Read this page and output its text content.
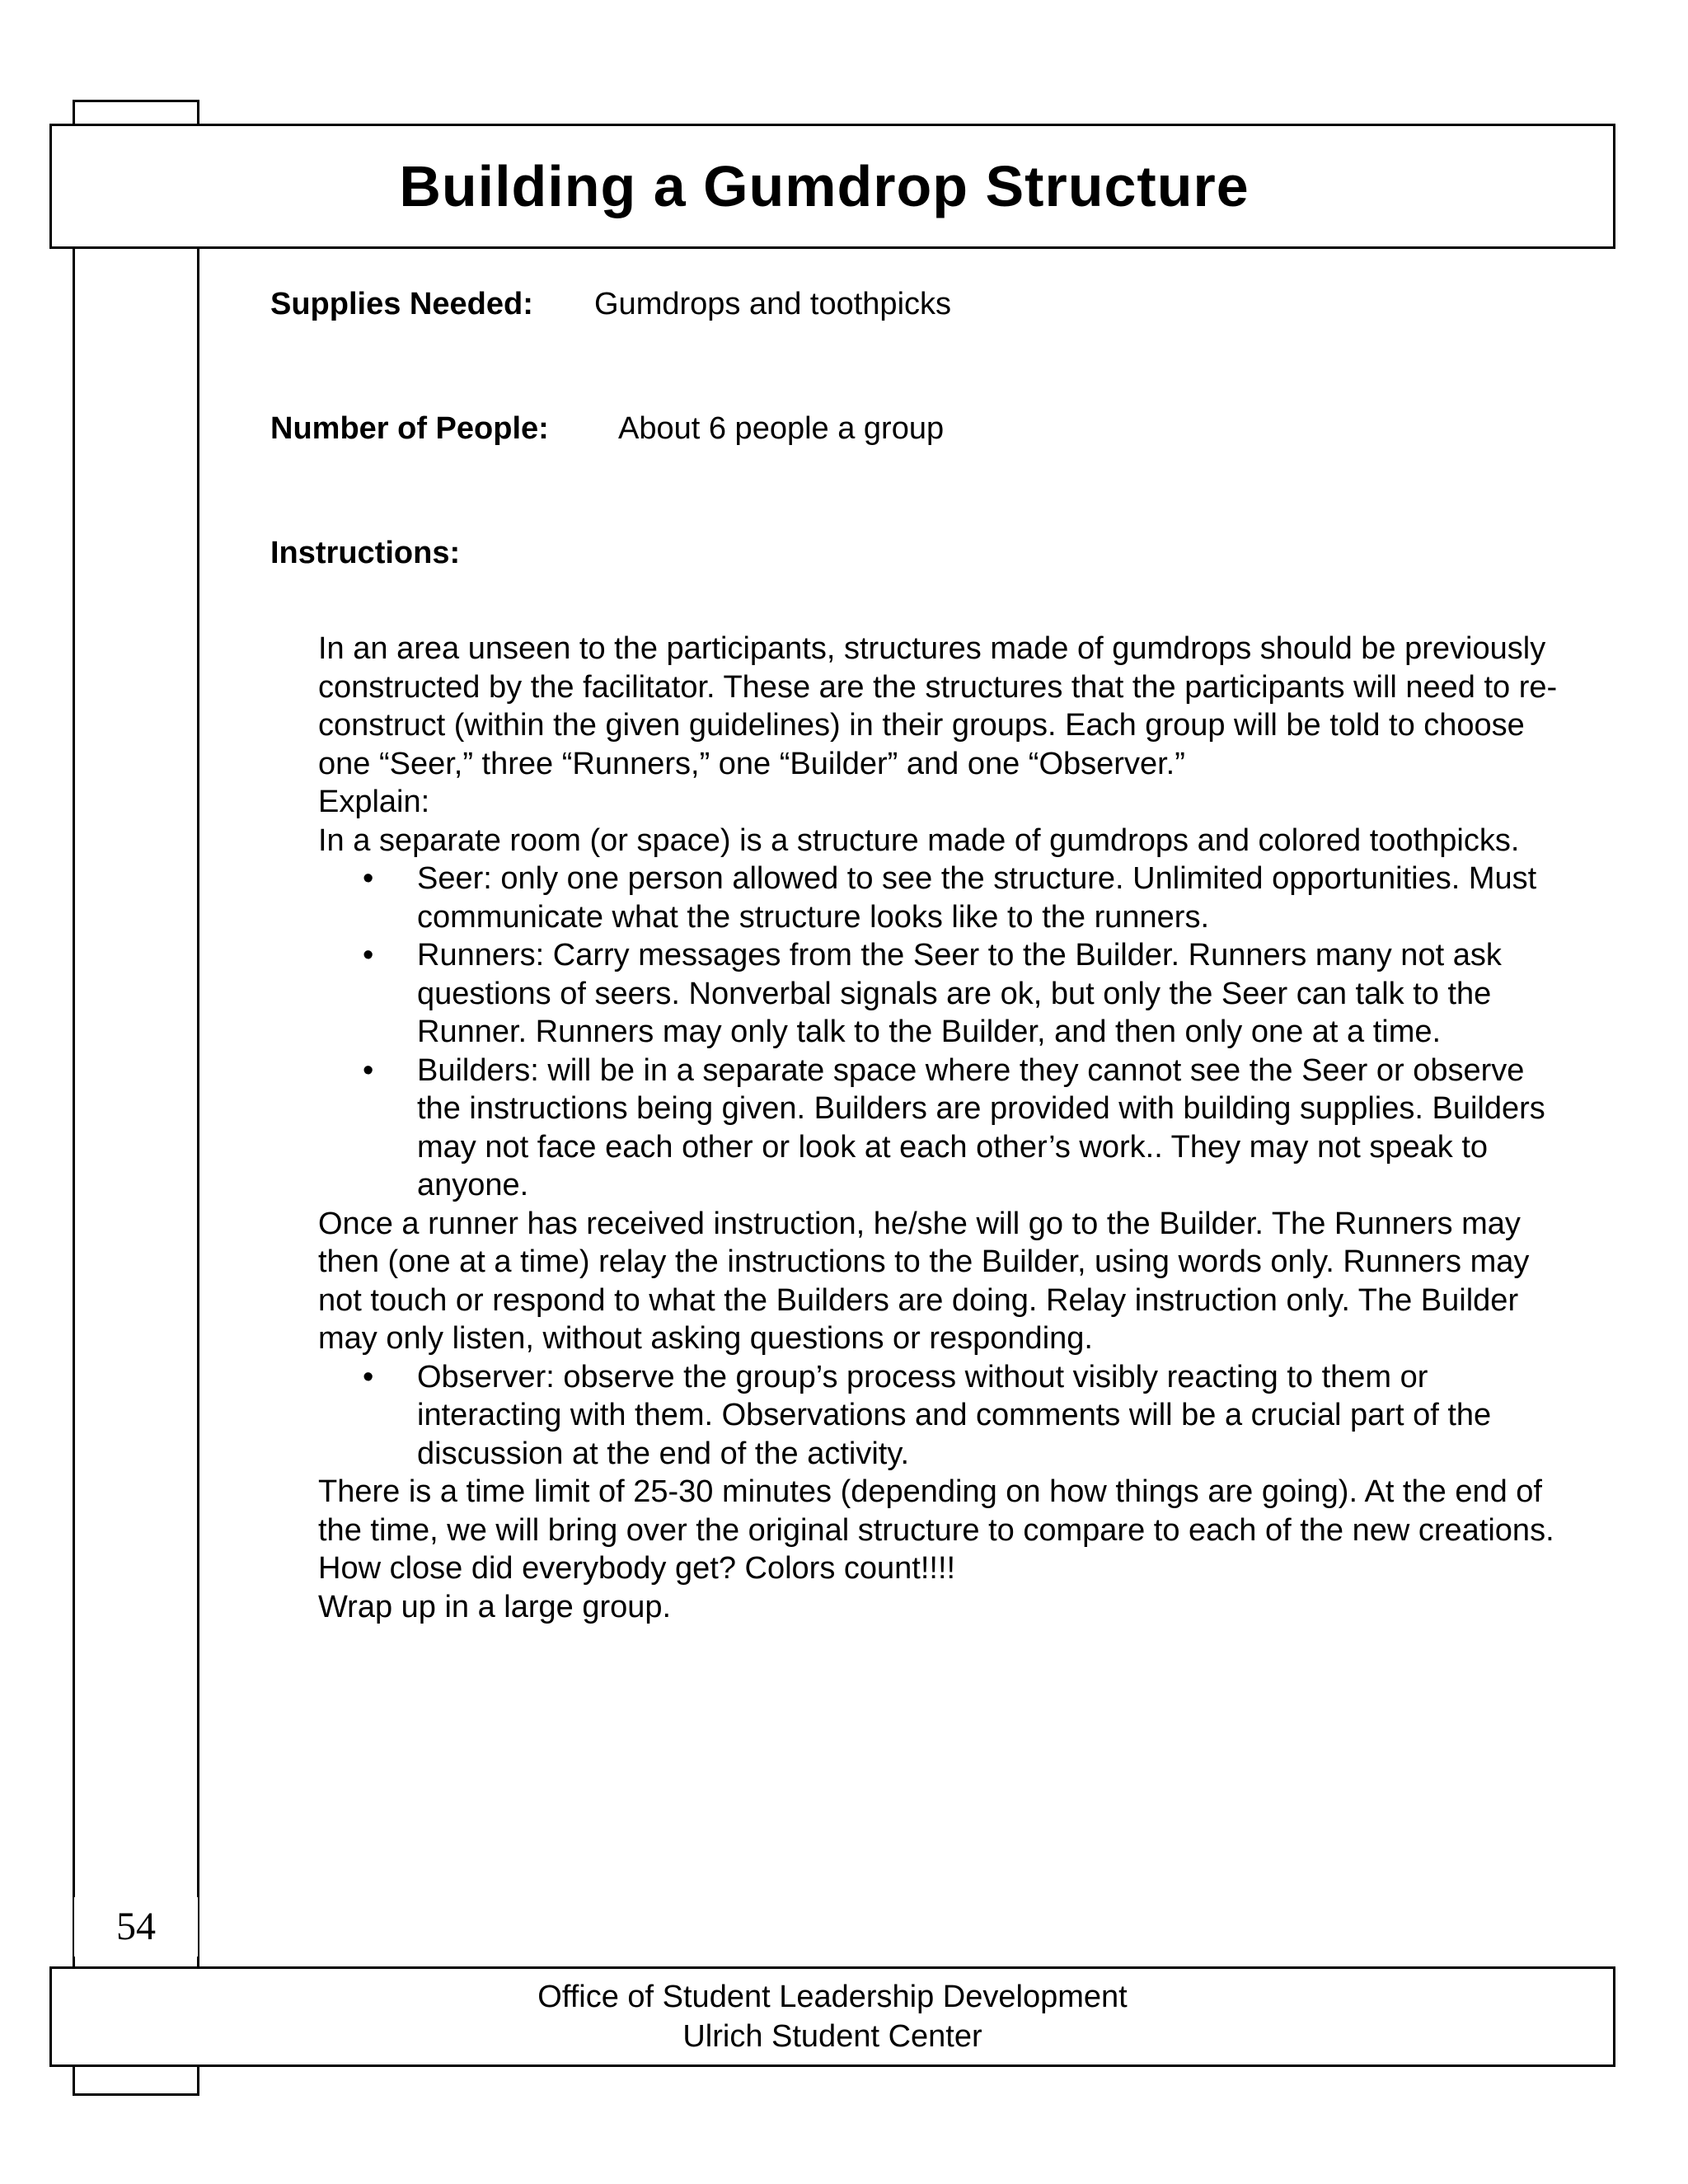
Building a Gumdrop Structure
Supplies Needed: Gumdrops and toothpicks
Number of People: About 6 people a group
Instructions:

In an area unseen to the participants, structures made of gumdrops should be previously constructed by the facilitator. These are the structures that the participants will need to re-construct (within the given guidelines) in their groups. Each group will be told to choose one “Seer,” three “Runners,” one “Builder” and one “Observer.”

Explain:

In a separate room (or space) is a structure made of gumdrops and colored toothpicks.

• Seer: only one person allowed to see the structure. Unlimited opportunities. Must communicate what the structure looks like to the runners.
• Runners: Carry messages from the Seer to the Builder. Runners many not ask questions of seers. Nonverbal signals are ok, but only the Seer can talk to the Runner. Runners may only talk to the Builder, and then only one at a time.
• Builders: will be in a separate space where they cannot see the Seer or observe the instructions being given. Builders are provided with building supplies. Builders may not face each other or look at each other’s work.. They may not speak to anyone.

Once a runner has received instruction, he/she will go to the Builder. The Runners may then (one at a time) relay the instructions to the Builder, using words only. Runners may not touch or respond to what the Builders are doing. Relay instruction only. The Builder may only listen, without asking questions or responding.

• Observer: observe the group’s process without visibly reacting to them or interacting with them. Observations and comments will be a crucial part of the discussion at the end of the activity.

There is a time limit of 25-30 minutes (depending on how things are going). At the end of the time, we will bring over the original structure to compare to each of the new creations. How close did everybody get? Colors count!!!!

Wrap up in a large group.

54
Office of Student Leadership Development
Ulrich Student Center
